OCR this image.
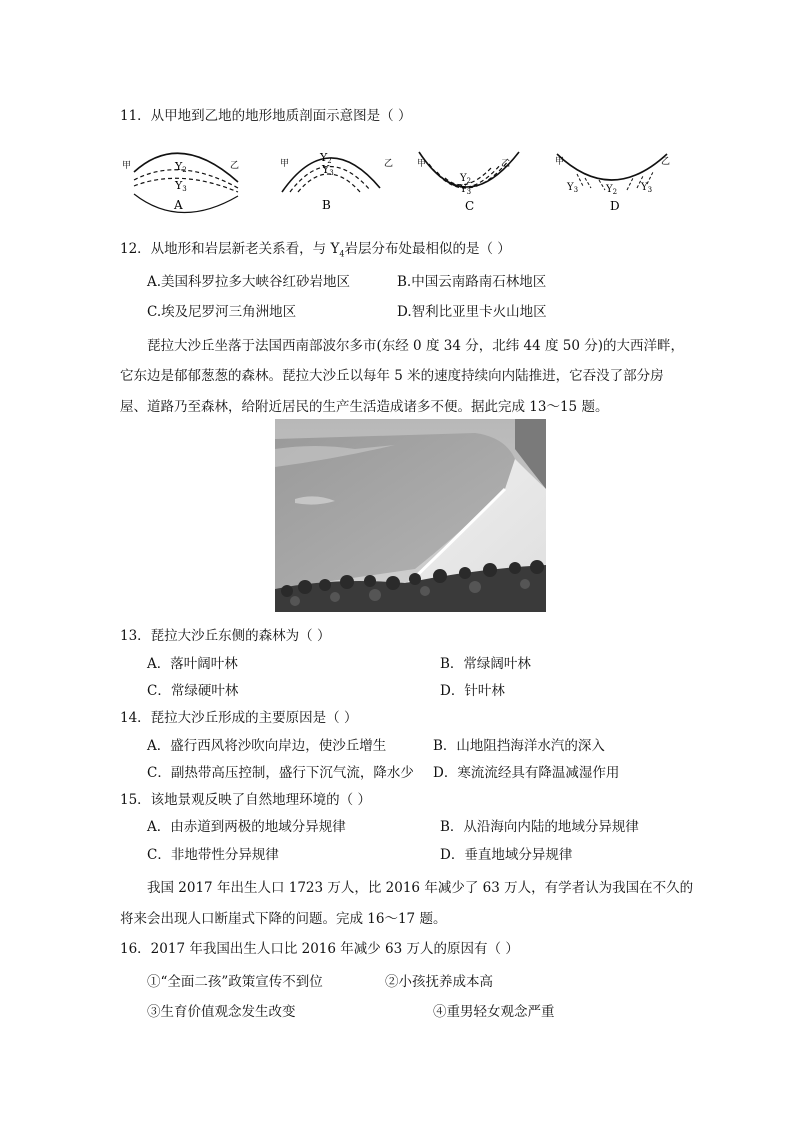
11．从甲地到乙地的地形地质剖面示意图是（ ）
甲	乙
Y2
Y3
A
甲	乙
Y2
Y3
B
甲	乙
$Y_2$
$Y_3$
C
甲	乙
$Y_3$	$Y_2$ $Y_3$
D
12．从地形和岩层新老关系看，与 $Y_4$岩层分布处最相似的是（ ）
A.美国科罗拉多大峡谷红砂岩地区	B.中国云南路南石林地区
C.埃及尼罗河三角洲地区	D.智利比亚里卡火山地区
琵拉大沙丘坐落于法国西南部波尔多市(东经 0 度 34 分，北纬 44 度 50 分)的大西洋畔，
它东边是郁郁葱葱的森林。琵拉大沙丘以每年 5 米的速度持续向内陆推进，它吞没了部分房
屋、道路乃至森林，给附近居民的生产生活造成诸多不便。据此完成 13～15 题。
13．琵拉大沙丘东侧的森林为（ ）
A．落叶阔叶林	B．常绿阔叶林
C．常绿硬叶林	D．针叶林
14．琵拉大沙丘形成的主要原因是（ ）
A．盛行西风将沙吹向岸边，使沙丘增生	B．山地阻挡海洋水汽的深入
C．副热带高压控制，盛行下沉气流，降水少 D．寒流流经具有降温减湿作用
15．该地景观反映了自然地理环境的（ ）
A．由赤道到两极的地域分异规律	B．从沿海向内陆的地域分异规律
C．非地带性分异规律	D．垂直地域分异规律
我国 2017 年出生人口 1723 万人，比 2016 年减少了 63 万人，有学者认为我国在不久的
将来会出现人口断崖式下降的问题。完成 16～17 题。
16．2017 年我国出生人口比 2016 年减少 63 万人的原因有（ ）
①“全面二孩”政策宣传不到位	②小孩抚养成本高
③生育价值观念发生改变	④重男轻女观念严重
